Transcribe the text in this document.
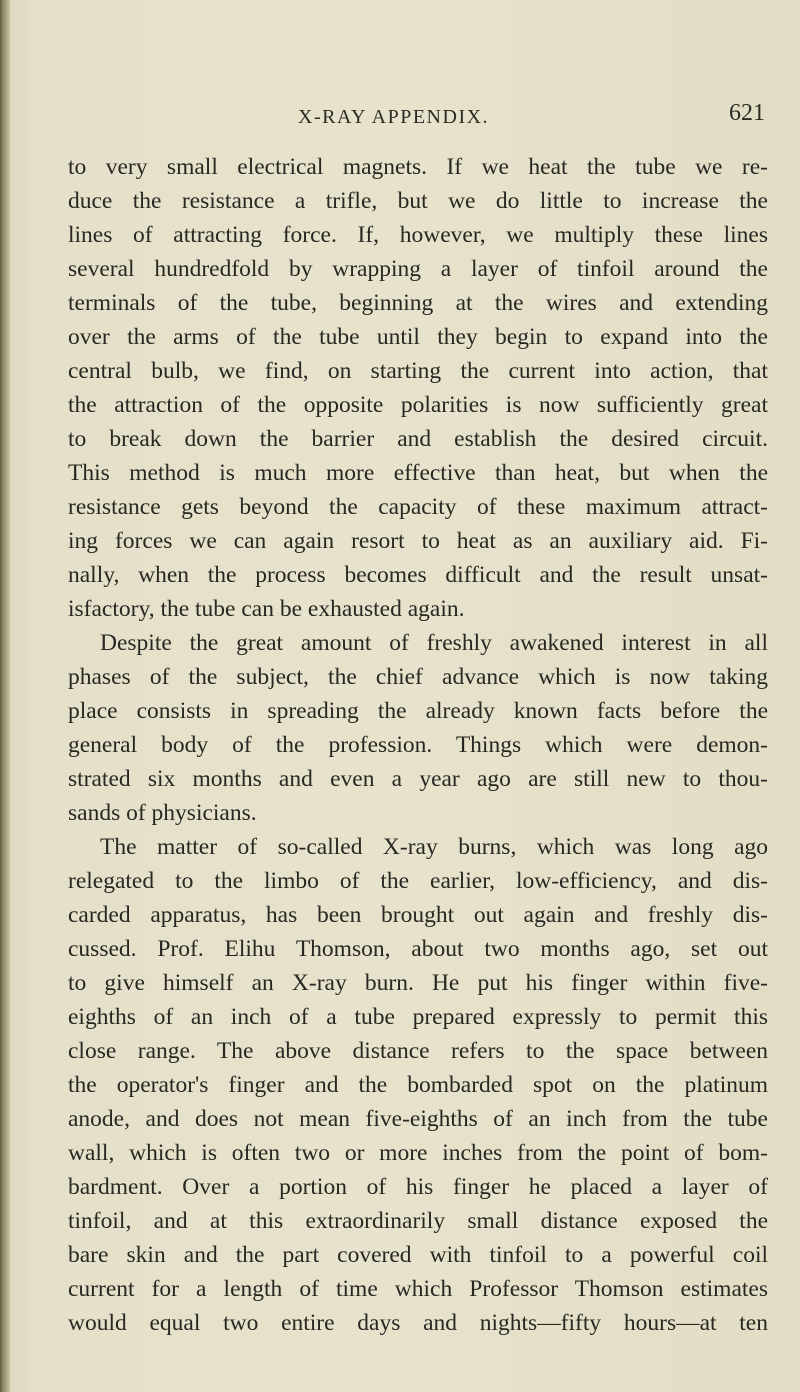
X-RAY APPENDIX.	621
to very small electrical magnets. If we heat the tube we re-
duce the resistance a trifle, but we do little to increase the
lines of attracting force. If, however, we multiply these lines
several hundredfold by wrapping a layer of tinfoil around the
terminals of the tube, beginning at the wires and extending
over the arms of the tube until they begin to expand into the
central bulb, we find, on starting the current into action, that
the attraction of the opposite polarities is now sufficiently great
to break down the barrier and establish the desired circuit.
This method is much more effective than heat, but when the
resistance gets beyond the capacity of these maximum attract-
ing forces we can again resort to heat as an auxiliary aid. Fi-
nally, when the process becomes difficult and the result unsat-
isfactory, the tube can be exhausted again.
Despite the great amount of freshly awakened interest in all
phases of the subject, the chief advance which is now taking
place consists in spreading the already known facts before the
general body of the profession. Things which were demon-
strated six months and even a year ago are still new to thou-
sands of physicians.
The matter of so-called X-ray burns, which was long ago
relegated to the limbo of the earlier, low-efficiency, and dis-
carded apparatus, has been brought out again and freshly dis-
cussed. Prof. Elihu Thomson, about two months ago, set out
to give himself an X-ray burn. He put his finger within five-
eighths of an inch of a tube prepared expressly to permit this
close range. The above distance refers to the space between
the operator's finger and the bombarded spot on the platinum
anode, and does not mean five-eighths of an inch from the tube
wall, which is often two or more inches from the point of bom-
bardment. Over a portion of his finger he placed a layer of
tinfoil, and at this extraordinarily small distance exposed the
bare skin and the part covered with tinfoil to a powerful coil
current for a length of time which Professor Thomson estimates
would equal two entire days and nights—fifty hours—at ten
